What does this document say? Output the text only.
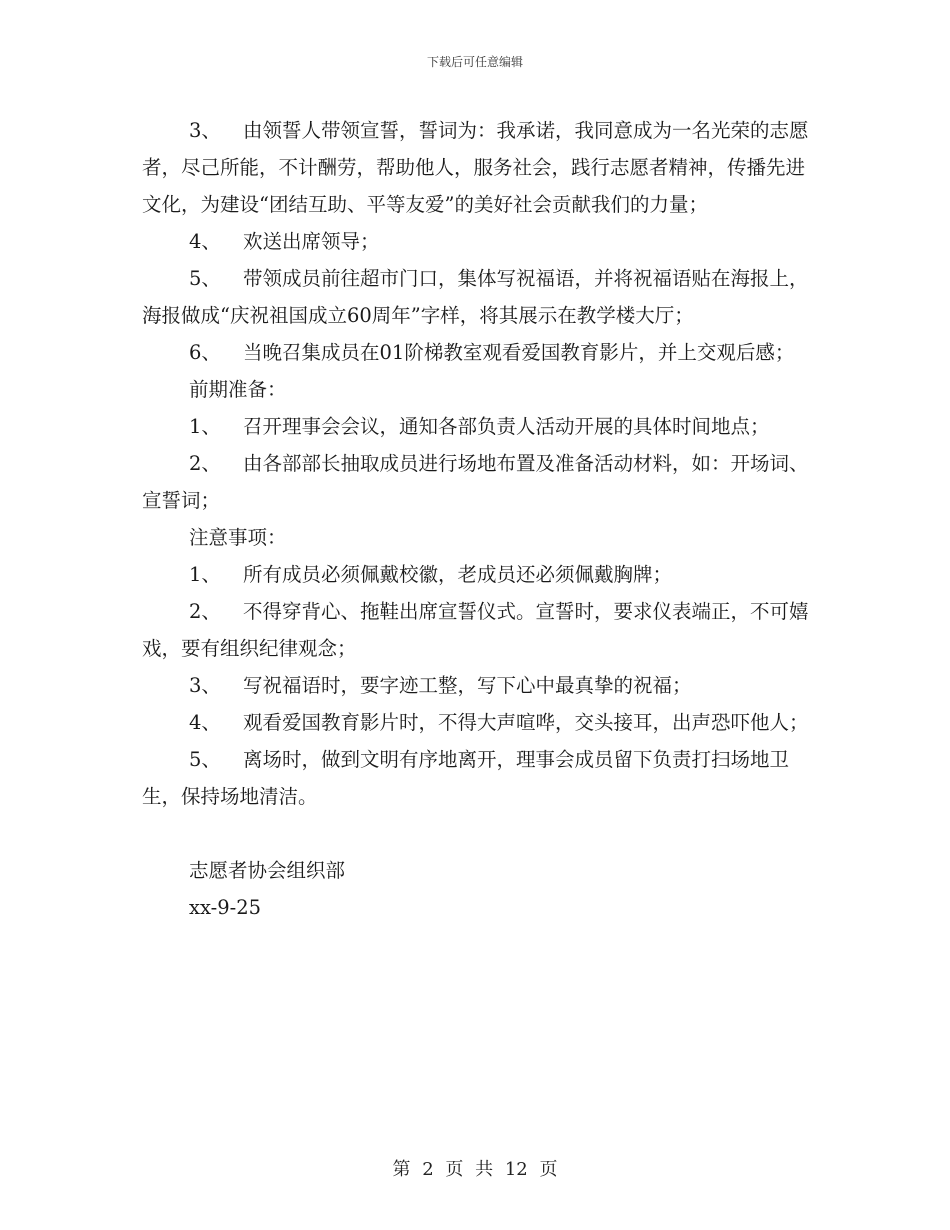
下载后可任意编辑

3、 由领誓人带领宣誓，誓词为：我承诺，我同意成为一名光荣的志愿者，尽己所能，不计酬劳，帮助他人，服务社会，践行志愿者精神，传播先进文化，为建设“团结互助、平等友爱”的美好社会贡献我们的力量；

4、 欢送出席领导；

5、 带领成员前往超市门口，集体写祝福语，并将祝福语贴在海报上，海报做成“庆祝祖国成立60周年”字样，将其展示在教学楼大厅；

6、 当晚召集成员在01阶梯教室观看爱国教育影片，并上交观后感；

前期准备：

1、 召开理事会会议，通知各部负责人活动开展的具体时间地点；

2、 由各部部长抽取成员进行场地布置及准备活动材料，如：开场词、宣誓词；

注意事项：

1、 所有成员必须佩戴校徽，老成员还必须佩戴胸牌；

2、 不得穿背心、拖鞋出席宣誓仪式。宣誓时，要求仪表端正，不可嬉戏，要有组织纪律观念；

3、 写祝福语时，要字迹工整，写下心中最真挚的祝福；

4、 观看爱国教育影片时，不得大声喧哗，交头接耳，出声恐吓他人；

5、 离场时，做到文明有序地离开，理事会成员留下负责打扫场地卫生，保持场地清洁。

志愿者协会组织部

xx-9-25

第 2 页 共 12 页
